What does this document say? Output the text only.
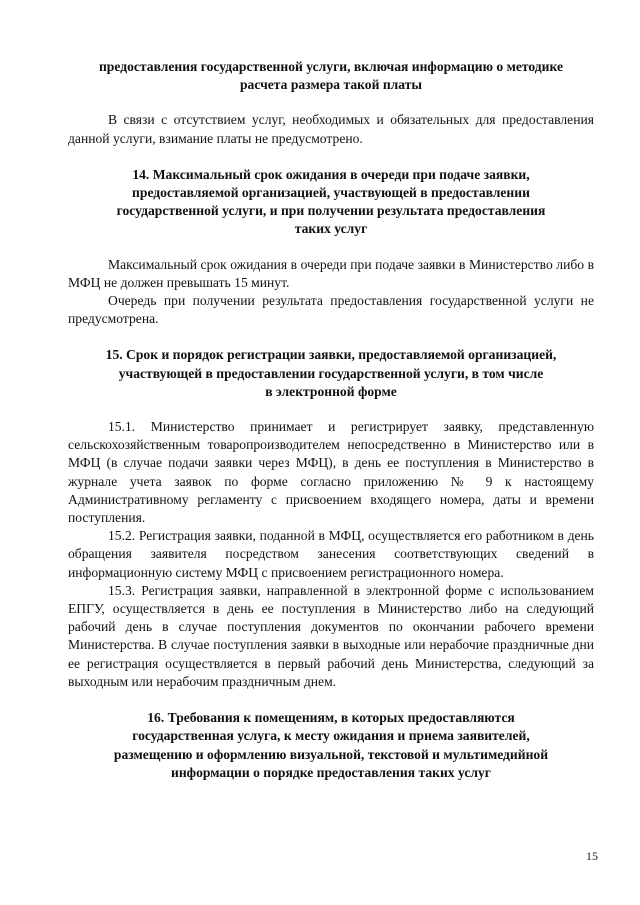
предоставления государственной услуги, включая информацию о методике
расчета размера такой платы

В связи с отсутствием услуг, необходимых и обязательных для предоставления данной услуги, взимание платы не предусмотрено.

14. Максимальный срок ожидания в очереди при подаче заявки,
предоставляемой организацией, участвующей в предоставлении
государственной услуги, и при получении результата предоставления
таких услуг

Максимальный срок ожидания в очереди при подаче заявки в Министерство либо в МФЦ не должен превышать 15 минут.

Очередь при получении результата предоставления государственной услуги не предусмотрена.

15. Срок и порядок регистрации заявки, предоставляемой организацией,
участвующей в предоставлении государственной услуги, в том числе
в электронной форме

15.1. Министерство принимает и регистрирует заявку, представленную сельскохозяйственным товаропроизводителем непосредственно в Министерство или в МФЦ (в случае подачи заявки через МФЦ), в день ее поступления в Министерство в журнале учета заявок по форме согласно приложению № 9 к настоящему Административному регламенту с присвоением входящего номера, даты и времени поступления.

15.2. Регистрация заявки, поданной в МФЦ, осуществляется его работником в день обращения заявителя посредством занесения соответствующих сведений в информационную систему МФЦ с присвоением регистрационного номера.

15.3. Регистрация заявки, направленной в электронной форме с использованием ЕПГУ, осуществляется в день ее поступления в Министерство либо на следующий рабочий день в случае поступления документов по окончании рабочего времени Министерства. В случае поступления заявки в выходные или нерабочие праздничные дни ее регистрация осуществляется в первый рабочий день Министерства, следующий за выходным или нерабочим праздничным днем.

16. Требования к помещениям, в которых предоставляются
государственная услуга, к месту ожидания и приема заявителей,
размещению и оформлению визуальной, текстовой и мультимедийной
информации о порядке предоставления таких услуг
15
